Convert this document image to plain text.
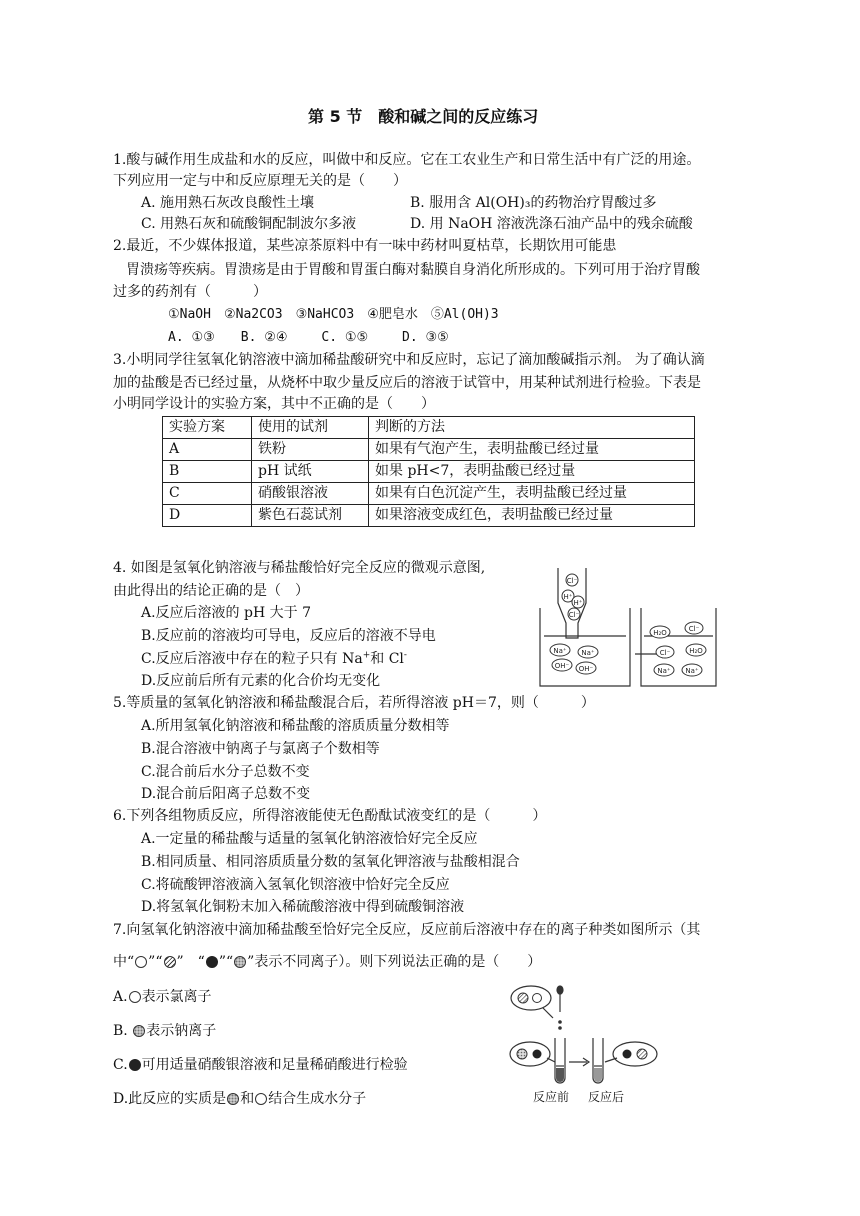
第 5 节　酸和碱之间的反应练习
1.酸与碱作用生成盐和水的反应，叫做中和反应。它在工农业生产和日常生活中有广泛的用途。
下列应用一定与中和反应原理无关的是（　　）
A. 施用熟石灰改良酸性土壤	B. 服用含 Al(OH)₃的药物治疗胃酸过多
C. 用熟石灰和硫酸铜配制波尔多液	D. 用 NaOH 溶液洗涤石油产品中的残余硫酸
2.最近，不少媒体报道，某些凉茶原料中有一味中药材叫夏枯草，长期饮用可能患
胃溃疡等疾病。胃溃疡是由于胃酸和胃蛋白酶对黏膜自身消化所形成的。下列可用于治疗胃酸
过多的药剂有（　　　）
①NaOH　②Na2CO3　③NaHCO3　④肥皂水　⑤Al(OH)3
A. ①③　　B. ②④　　 C. ①⑤　　 D. ③⑤
3.小明同学往氢氧化钠溶液中滴加稀盐酸研究中和反应时，忘记了滴加酸碱指示剂。 为了确认滴
加的盐酸是否已经过量，从烧杯中取少量反应后的溶液于试管中，用某种试剂进行检验。下表是
小明同学设计的实验方案，其中不正确的是（　　）
实验方案	使用的试剂	判断的方法
A	铁粉	如果有气泡产生，表明盐酸已经过量
B	pH 试纸	如果 pH<7，表明盐酸已经过量
C	硝酸银溶液	如果有白色沉淀产生，表明盐酸已经过量
D	紫色石蕊试剂	如果溶液变成红色，表明盐酸已经过量
4. 如图是氢氧化钠溶液与稀盐酸恰好完全反应的微观示意图,
由此得出的结论正确的是（　）
A.反应后溶液的 pH 大于 7
B.反应前的溶液均可导电，反应后的溶液不导电
C.反应后溶液中存在的粒子只有 Na+和 Cl-
D.反应前后所有元素的化合价均无变化
Cl⁻
H⁺
H⁺
Cl⁻
Na⁺ Na⁺
OH⁻ OH⁻
H₂O	Cl⁻
Cl⁻	H₂O
Na⁺ Na⁺
5.等质量的氢氧化钠溶液和稀盐酸混合后，若所得溶液 pH＝7，则（　　　）
A.所用氢氧化钠溶液和稀盐酸的溶质质量分数相等
B.混合溶液中钠离子与氯离子个数相等
C.混合前后水分子总数不变
D.混合前后阳离子总数不变
6.下列各组物质反应，所得溶液能使无色酚酞试液变红的是（　　　）
A.一定量的稀盐酸与适量的氢氧化钠溶液恰好完全反应
B.相同质量、相同溶质质量分数的氢氧化钾溶液与盐酸相混合
C.将硫酸钾溶液滴入氢氧化钡溶液中恰好完全反应
D.将氢氧化铜粉末加入稀硫酸溶液中得到硫酸铜溶液
7.向氢氧化钠溶液中滴加稀盐酸至恰好完全反应，反应前后溶液中存在的离子种类如图所示（其
中“ ”“ ”　“ ”“ ”表示不同离子）。则下列说法正确的是（　　）
A. 表示氯离子
B. 表示钠离子
C. 可用适量硝酸银溶液和足量稀硝酸进行检验
D.此反应的实质是 和 结合生成水分子	反应前 反应后
